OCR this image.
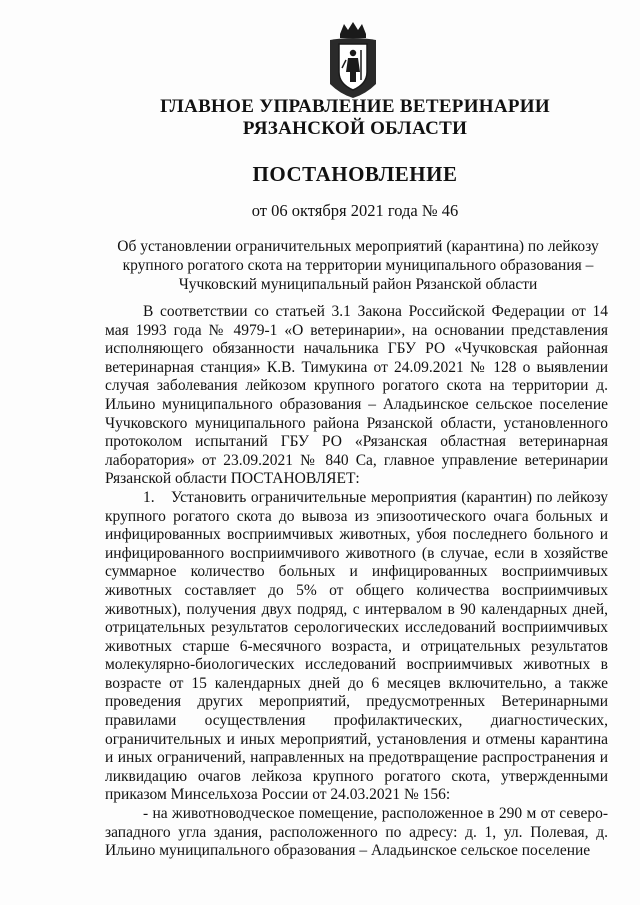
ГЛАВНОЕ УПРАВЛЕНИЕ ВЕТЕРИНАРИИ
РЯЗАНСКОЙ ОБЛАСТИ
ПОСТАНОВЛЕНИЕ
от 06 октября 2021 года № 46
Об установлении ограничительных мероприятий (карантина) по лейкозу крупного рогатого скота на территории муниципального образования – Чучковский муниципальный район Рязанской области

В соответствии со статьей 3.1 Закона Российской Федерации от 14 мая 1993 года № 4979-1 «О ветеринарии», на основании представления исполняющего обязанности начальника ГБУ РО «Чучковская районная ветеринарная станция» К.В. Тимукина от 24.09.2021 № 128 о выявлении случая заболевания лейкозом крупного рогатого скота на территории д. Ильино муниципального образования – Аладьинское сельское поселение Чучковского муниципального района Рязанской области, установленного протоколом испытаний ГБУ РО «Рязанская областная ветеринарная лаборатория» от 23.09.2021 № 840 Са, главное управление ветеринарии Рязанской области ПОСТАНОВЛЯЕТ:

1. Установить ограничительные мероприятия (карантин) по лейкозу крупного рогатого скота до вывоза из эпизоотического очага больных и инфицированных восприимчивых животных, убоя последнего больного и инфицированного восприимчивого животного (в случае, если в хозяйстве суммарное количество больных и инфицированных восприимчивых животных составляет до 5% от общего количества восприимчивых животных), получения двух подряд, с интервалом в 90 календарных дней, отрицательных результатов серологических исследований восприимчивых животных старше 6-месячного возраста, и отрицательных результатов молекулярно-биологических исследований восприимчивых животных в возрасте от 15 календарных дней до 6 месяцев включительно, а также проведения других мероприятий, предусмотренных Ветеринарными правилами осуществления профилактических, диагностических, ограничительных и иных мероприятий, установления и отмены карантина и иных ограничений, направленных на предотвращение распространения и ликвидацию очагов лейкоза крупного рогатого скота, утвержденными приказом Минсельхоза России от 24.03.2021 № 156:

- на животноводческое помещение, расположенное в 290 м от северо-западного угла здания, расположенного по адресу: д. 1, ул. Полевая, д. Ильино муниципального образования – Аладьинское сельское поселение
